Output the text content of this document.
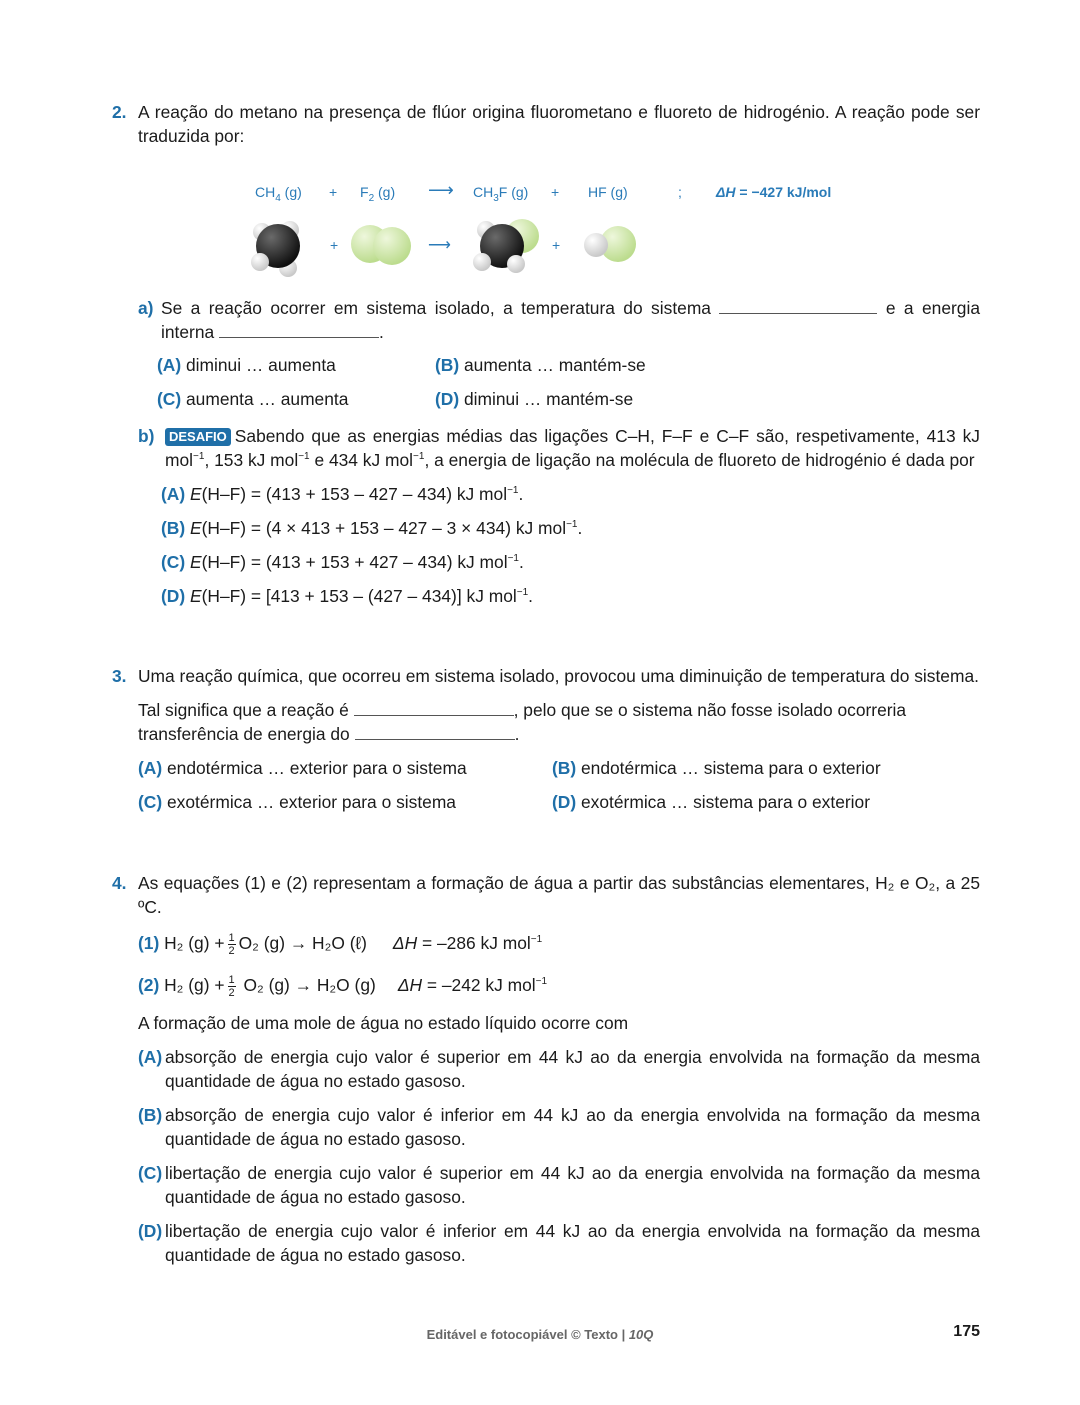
2. A reação do metano na presença de flúor origina fluorometano e fluoreto de hidrogénio. A reação pode ser traduzida por:

$CH_4$ $(g) + F_2$ (g) ⟶ $CH_3F$ (g) + HF (g)	; ΔH = −427 kJ/mol
+	⟶	+
a) Se a reação ocorrer em sistema isolado, a temperatura do sistema	e a energia interna	.

(A) diminui … aumenta	(B) aumenta … mantém-se
(C) aumenta … aumenta	(D) diminui … mantém-se
b)	DESAFIO Sabendo que as energias médias das ligações C–H, F–F e C–F são, respetivamente, 413 kJ mol$^{-1}$, 153 kJ mol$^{-1}$ e 434 kJ mol$^{-1}$, a energia de ligação na molécula de fluoreto de hidrogénio é dada por

(A) E(H–F) = (413 + 153 – 427 – 434) kJ mol$^{-1}$.
(B) E(H–F) = (4 × 413 + 153 – 427 – 3 × 434) kJ mol$^{-1}$.
(C) E(H–F) = (413 + 153 + 427 – 434) kJ mol$^{-1}$.
(D) E(H–F) = [413 + 153 – (427 – 434)] kJ mol$^{-1}$.
3. Uma reação química, que ocorreu em sistema isolado, provocou uma diminuição de temperatura do sistema.

Tal significa que a reação é	, pelo que se o sistema não fosse isolado ocorreria
transferência de energia do	.

(A) endotérmica … exterior para o sistema	(B) endotérmica … sistema para o exterior
(C) exotérmica … exterior para o sistema	(D) exotérmica … sistema para o exterior
4. As equações (1) e (2) representam a formação de água a partir das substâncias elementares, H₂ e O₂, a 25 ºC.

(1) H₂ $(g) + \frac{1}{2} O_2$ (g) → H₂O (ℓ) ΔH = –286 kJ mol$^{-1}$

(2) H₂ $(g) + \frac{1}{2} O_2$ (g) → H₂O (g) ΔH = –242 kJ mol$^{-1}$

A formação de uma mole de água no estado líquido ocorre com

(A) absorção de energia cujo valor é superior em 44 kJ ao da energia envolvida na formação da mesma quantidade de água no estado gasoso.
(B) absorção de energia cujo valor é inferior em 44 kJ ao da energia envolvida na formação da mesma quantidade de água no estado gasoso.
(C) libertação de energia cujo valor é superior em 44 kJ ao da energia envolvida na formação da mesma quantidade de água no estado gasoso.
(D) libertação de energia cujo valor é inferior em 44 kJ ao da energia envolvida na formação da mesma quantidade de água no estado gasoso.
Editável e fotocopiável © Texto | 10Q	175
